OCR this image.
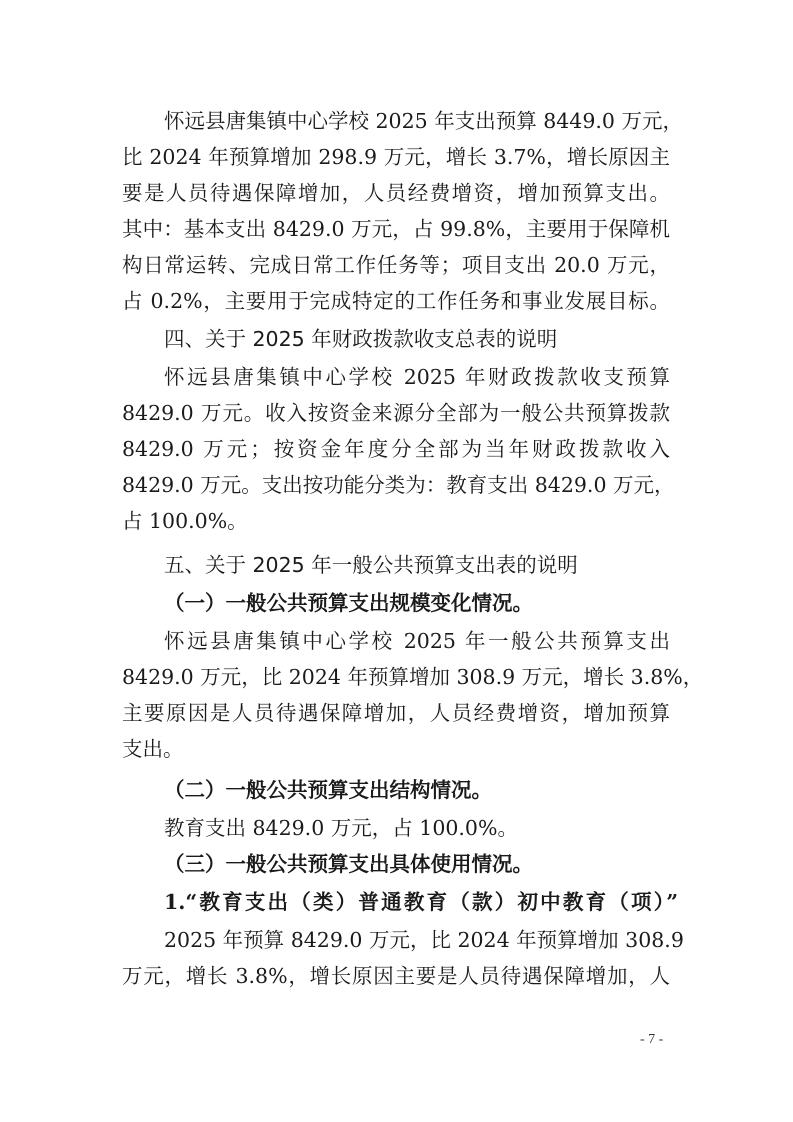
怀远县唐集镇中心学校 2025 年支出预算 8449.0 万元，
比 2024 年预算增加 298.9 万元，增长 3.7%，增长原因主
要是人员待遇保障增加，人员经费增资，增加预算支出。
其中：基本支出 8429.0 万元，占 99.8%，主要用于保障机
构日常运转、完成日常工作任务等；项目支出 20.0 万元，
占 0.2%，主要用于完成特定的工作任务和事业发展目标。
四、关于 2025 年财政拨款收支总表的说明
怀远县唐集镇中心学校 2025 年财政拨款收支预算
8429.0 万元。收入按资金来源分全部为一般公共预算拨款
8429.0 万元；按资金年度分全部为当年财政拨款收入
8429.0 万元。支出按功能分类为：教育支出 8429.0 万元，
占 100.0%。
五、关于 2025 年一般公共预算支出表的说明
（一）一般公共预算支出规模变化情况。
怀远县唐集镇中心学校 2025 年一般公共预算支出
8429.0 万元，比 2024 年预算增加 308.9 万元，增长 3.8%，
主要原因是人员待遇保障增加，人员经费增资，增加预算
支出。
（二）一般公共预算支出结构情况。
教育支出 8429.0 万元，占 100.0%。
（三）一般公共预算支出具体使用情况。
1.“教育支出（类）普通教育（款）初中教育（项）”
2025 年预算 8429.0 万元，比 2024 年预算增加 308.9
万元，增长 3.8%，增长原因主要是人员待遇保障增加，人
- 7 -
